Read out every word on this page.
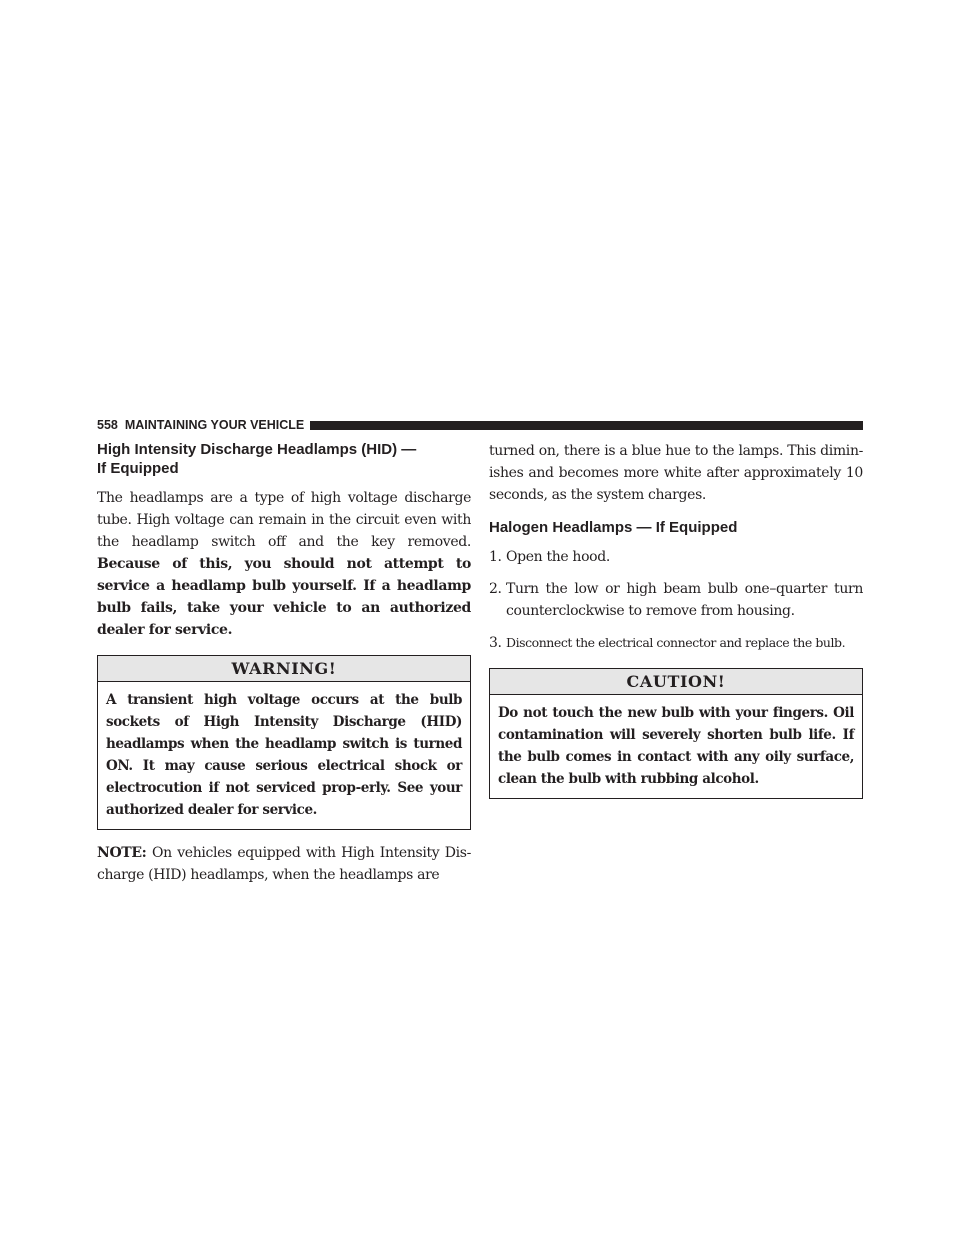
558 MAINTAINING YOUR VEHICLE
High Intensity Discharge Headlamps (HID) —
If Equipped

The headlamps are a type of high voltage discharge tube. High voltage can remain in the circuit even with the headlamp switch off and the key removed. Because of this, you should not attempt to service a headlamp bulb yourself. If a headlamp bulb fails, take your vehicle to an authorized dealer for service.

WARNING!
A transient high voltage occurs at the bulb sockets of High Intensity Discharge (HID) headlamps when the headlamp switch is turned ON. It may cause serious electrical shock or electrocution if not serviced prop-erly. See your authorized dealer for service.

NOTE: On vehicles equipped with High Intensity Dis-charge (HID) headlamps, when the headlamps are

turned on, there is a blue hue to the lamps. This dimin-ishes and becomes more white after approximately 10 seconds, as the system charges.

Halogen Headlamps — If Equipped
1. Open the hood.
2. Turn the low or high beam bulb one–quarter turn counterclockwise to remove from housing.
3. Disconnect the electrical connector and replace the bulb.
CAUTION!
Do not touch the new bulb with your fingers. Oil contamination will severely shorten bulb life. If the bulb comes in contact with any oily surface, clean the bulb with rubbing alcohol.
